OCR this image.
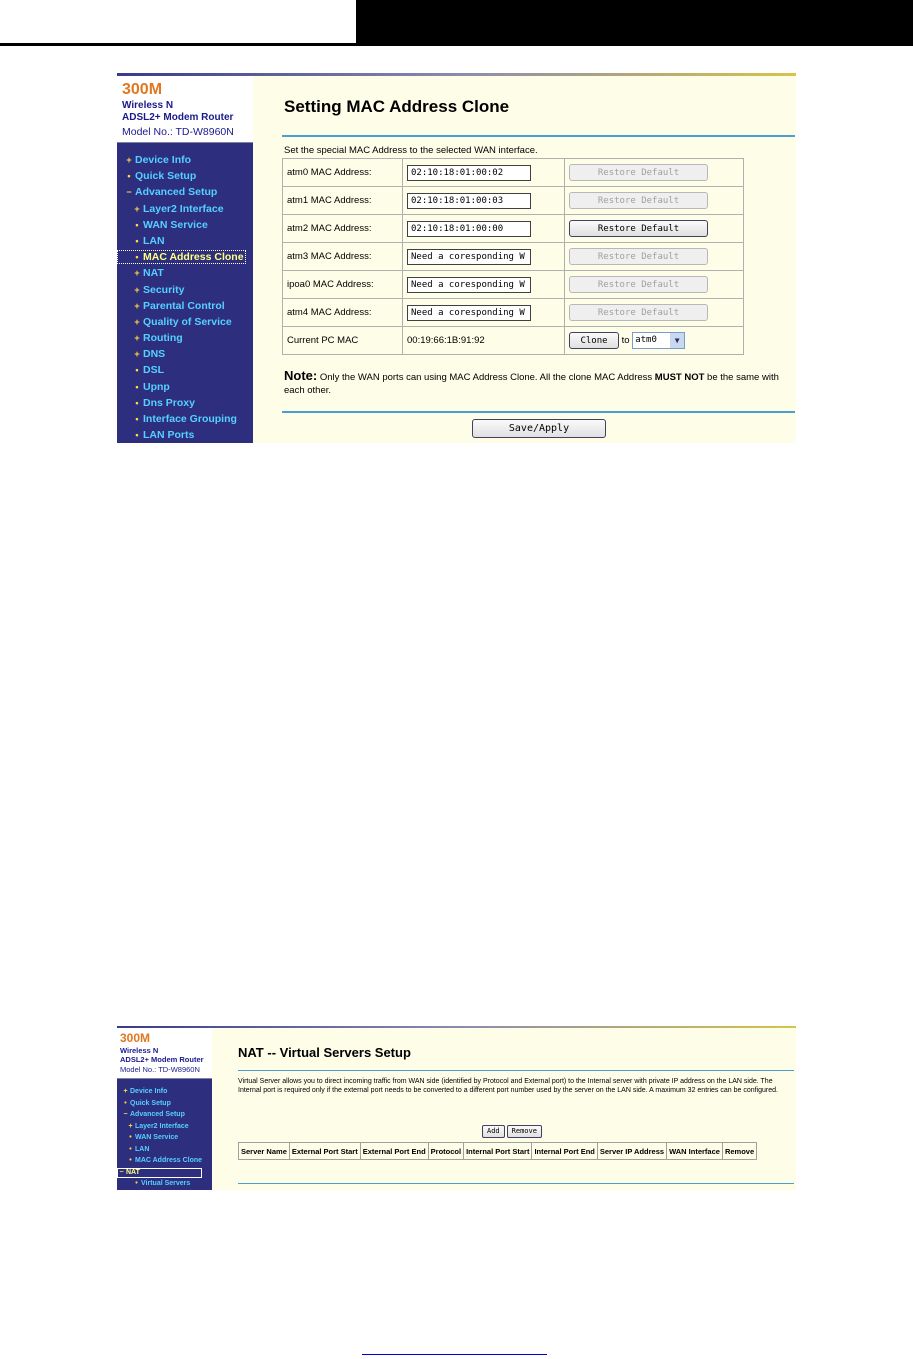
300M
Wireless N
ADSL2+ Modem Router
Model No.: TD-W8960N
+ Device Info
• Quick Setup
− Advanced Setup
+ Layer2 Interface
• WAN Service
• LAN
• MAC Address Clone
+ NAT
+ Security
+ Parental Control
+ Quality of Service
+ Routing
+ DNS
• DSL
• Upnp
• Dns Proxy
• Interface Grouping
• LAN Ports
Setting MAC Address Clone
Set the special MAC Address to the selected WAN interface.
atm0 MAC Address:	02:10:18:01:00:02	Restore Default
atm1 MAC Address:	02:10:18:01:00:03	Restore Default
atm2 MAC Address:	02:10:18:01:00:00	Restore Default
atm3 MAC Address:	Need a coresponding W	Restore Default
ipoa0 MAC Address:	Need a coresponding W	Restore Default
atm4 MAC Address:	Need a coresponding W	Restore Default
Current PC MAC	00:19:66:1B:91:92	Clone to atm0 ▼
Note: Only the WAN ports can using MAC Address Clone. All the clone MAC Address MUST NOT be the same with each other.
Save/Apply
300M
Wireless N
ADSL2+ Modem Router
Model No.: TD-W8960N
+ Device Info
• Quick Setup
− Advanced Setup
+ Layer2 Interface
• WAN Service
• LAN
• MAC Address Clone
− NAT
• Virtual Servers
NAT -- Virtual Servers Setup
Virtual Server allows you to direct incoming traffic from WAN side (identified by Protocol and External port) to the Internal server with private IP address on the LAN side. The Internal port is required only if the external port needs to be converted to a different port number used by the server on the LAN side. A maximum 32 entries can be configured.
Add Remove
Server Name	External Port Start	External Port End	Protocol	Internal Port Start	Internal Port End	Server IP Address	WAN Interface	Remove
